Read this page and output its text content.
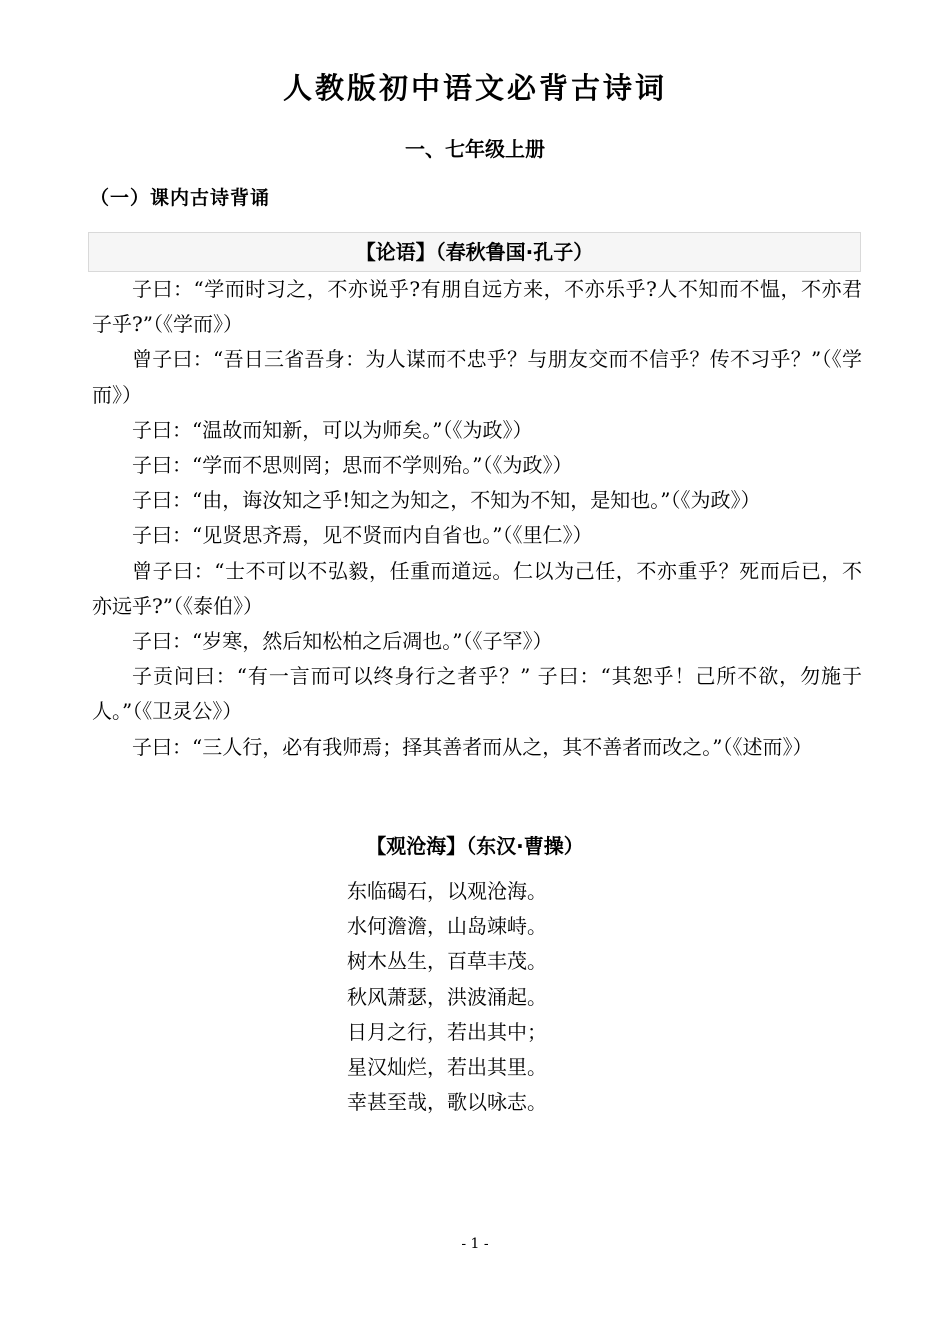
人教版初中语文必背古诗词
一、七年级上册
（一）课内古诗背诵
【论语】（春秋鲁国·孔子）

子曰：“学而时习之，不亦说乎?有朋自远方来，不亦乐乎?人不知而不愠，不亦君子乎?”（《学而》）

曾子曰：“吾日三省吾身：为人谋而不忠乎？与朋友交而不信乎？传不习乎？”（《学而》）

子曰：“温故而知新，可以为师矣。”（《为政》）

子曰：“学而不思则罔；思而不学则殆。”（《为政》）

子曰：“由，诲汝知之乎!知之为知之，不知为不知，是知也。”（《为政》）

子曰：“见贤思齐焉，见不贤而内自省也。”（《里仁》）

曾子曰：“士不可以不弘毅，任重而道远。仁以为己任，不亦重乎？死而后已，不亦远乎?”（《泰伯》）

子曰：“岁寒，然后知松柏之后凋也。”（《子罕》）

子贡问曰：“有一言而可以终身行之者乎？” 子曰：“其恕乎！己所不欲，勿施于人。”（《卫灵公》）

子曰：“三人行，必有我师焉；择其善者而从之，其不善者而改之。”（《述而》）

【观沧海】（东汉·曹操）
东临碣石，以观沧海。
水何澹澹，山岛竦峙。
树木丛生，百草丰茂。
秋风萧瑟，洪波涌起。
日月之行，若出其中；
星汉灿烂，若出其里。
幸甚至哉，歌以咏志。
- 1 -
